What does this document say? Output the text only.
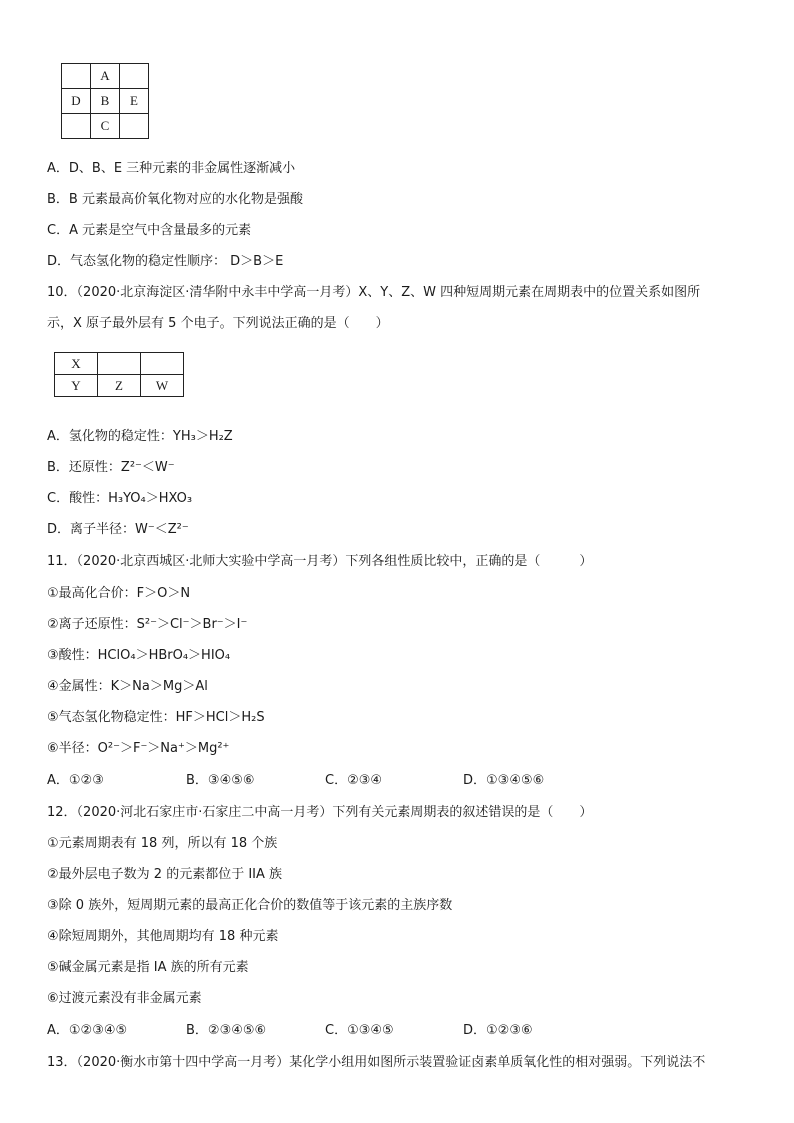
	A	
D	B	E
	C	
A．D、B、E 三种元素的非金属性逐渐减小
B．B 元素最高价氧化物对应的水化物是强酸
C．A 元素是空气中含量最多的元素
D．气态氢化物的稳定性顺序： D＞B＞E
10．（2020·北京海淀区·清华附中永丰中学高一月考）X、Y、Z、W 四种短周期元素在周期表中的位置关系如图所
示，X 原子最外层有 5 个电子。下列说法正确的是（　　）
X		
Y	Z	W
A．氢化物的稳定性：YH₃＞H₂Z
B．还原性：Z²⁻＜W⁻
C．酸性：H₃YO₄＞HXO₃
D．离子半径：W⁻＜Z²⁻
11．（2020·北京西城区·北师大实验中学高一月考）下列各组性质比较中，正确的是（　　　）
①最高化合价：F＞O＞N
②离子还原性：S²⁻＞Cl⁻＞Br⁻＞I⁻
③酸性：HClO₄＞HBrO₄＞HIO₄
④金属性：K＞Na＞Mg＞Al
⑤气态氢化物稳定性：HF＞HCl＞H₂S
⑥半径：O²⁻＞F⁻＞Na⁺＞Mg²⁺
A．①②③	B．③④⑤⑥	C．②③④	D．①③④⑤⑥
12．（2020·河北石家庄市·石家庄二中高一月考）下列有关元素周期表的叙述错误的是（　　）
①元素周期表有 18 列，所以有 18 个族
②最外层电子数为 2 的元素都位于 IIA 族
③除 0 族外，短周期元素的最高正化合价的数值等于该元素的主族序数
④除短周期外，其他周期均有 18 种元素
⑤碱金属元素是指 IA 族的所有元素
⑥过渡元素没有非金属元素
A．①②③④⑤	B．②③④⑤⑥	C．①③④⑤	D．①②③⑥
13．（2020·衡水市第十四中学高一月考）某化学小组用如图所示装置验证卤素单质氧化性的相对强弱。下列说法不
